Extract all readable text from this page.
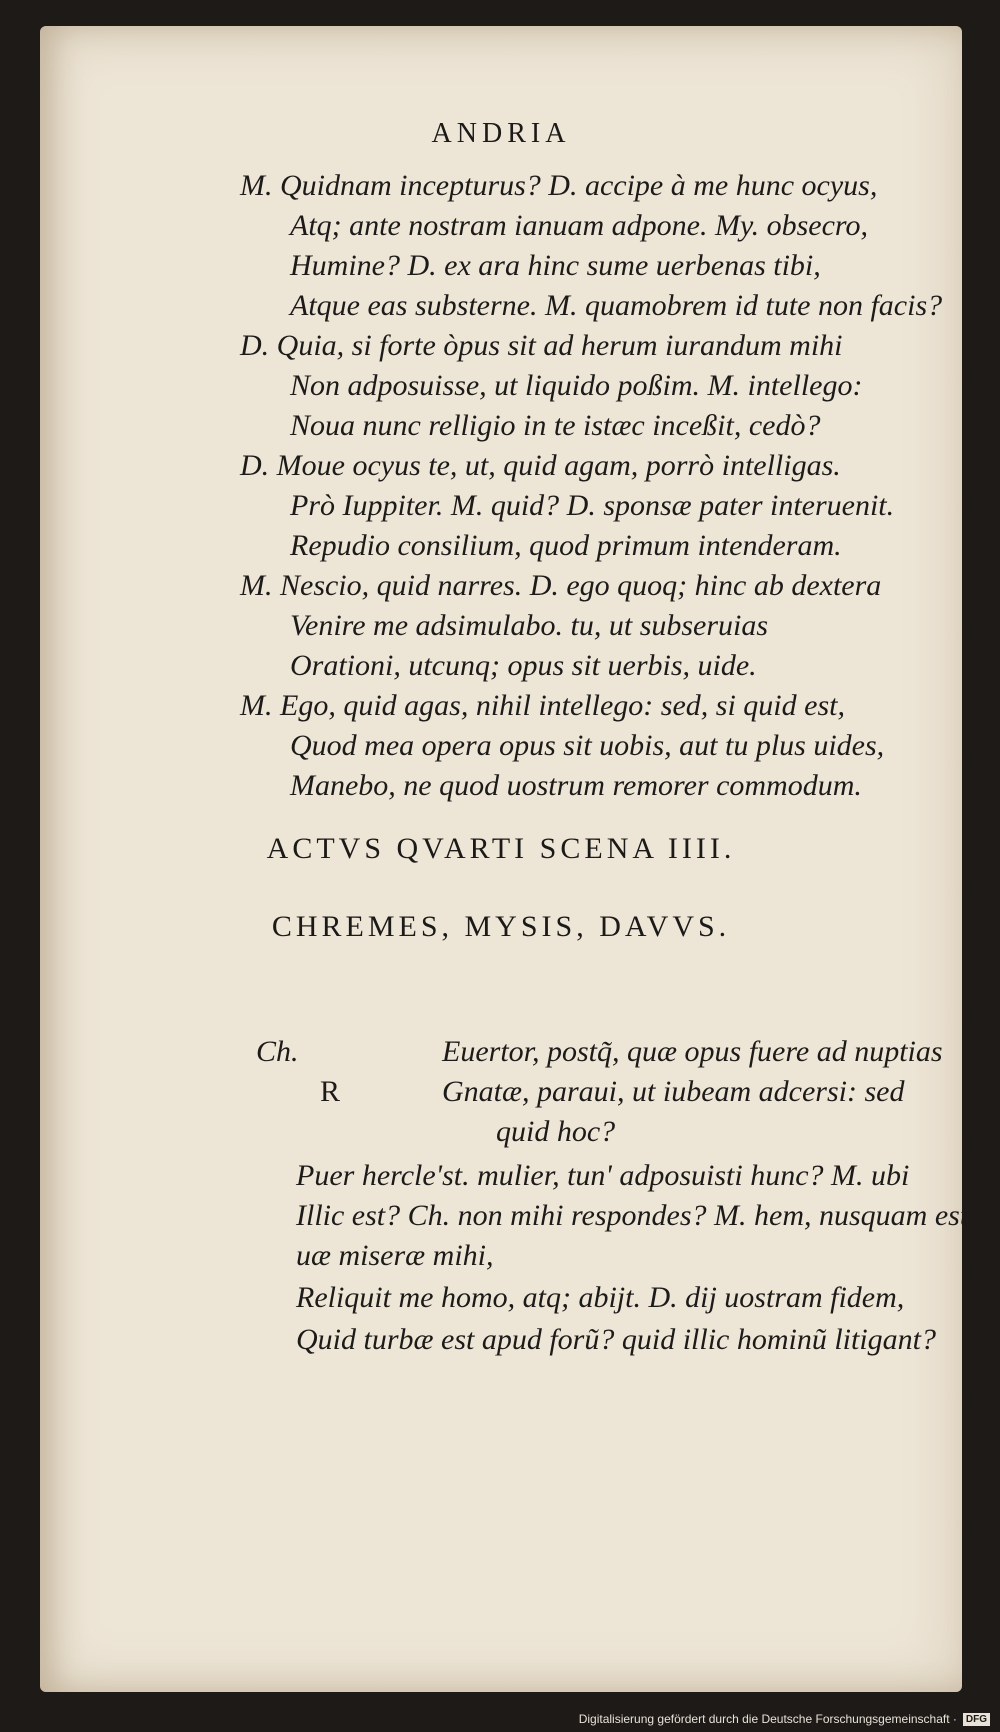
ANDRIA
M. Quidnam incepturus? D. accipe à me hunc ocyus,
Atq; ante nostram ianuam adpone. My. obsecro,
Humine? D. ex ara hinc sume uerbenas tibi,
Atque eas substerne. M. quamobrem id tute non facis?
D. Quia, si forte òpus sit ad herum iurandum mihi
Non adposuisse, ut liquido poßim. M. intellego:
Noua nunc relligio in te istæc inceßit, cedò?
D. Moue ocyus te, ut, quid agam, porrò intelligas.
Prò Iuppiter. M. quid? D. sponsæ pater interuenit.
Repudio consilium, quod primum intenderam.
M. Nescio, quid narres. D. ego quoq; hinc ab dextera
Venire me adsimulabo. tu, ut subseruias
Orationi, utcunq; opus sit uerbis, uide.
M. Ego, quid agas, nihil intellego: sed, si quid est,
Quod mea opera opus sit uobis, aut tu plus uides,
Manebo, ne quod uostrum remorer commodum.
ACTVS QVARTI SCENA IIII.
CHREMES, MYSIS, DAVVS.
Ch.	Euertor, postq̃, quæ opus fuere ad nuptias
R	Gnatæ, paraui, ut iubeam adcersi: sed
quid hoc?
Puer hercle'st. mulier, tun' adposuisti hunc? M. ubi
Illic est? Ch. non mihi respondes? M. hem, nusquam est.
uæ miseræ mihi,
Reliquit me homo, atq; abijt. D. dij uostram fidem,
Quid turbæ est apud forũ? quid illic hominũ litigant?
Digitalisierung gefördert durch die Deutsche Forschungsgemeinschaft · DFG
